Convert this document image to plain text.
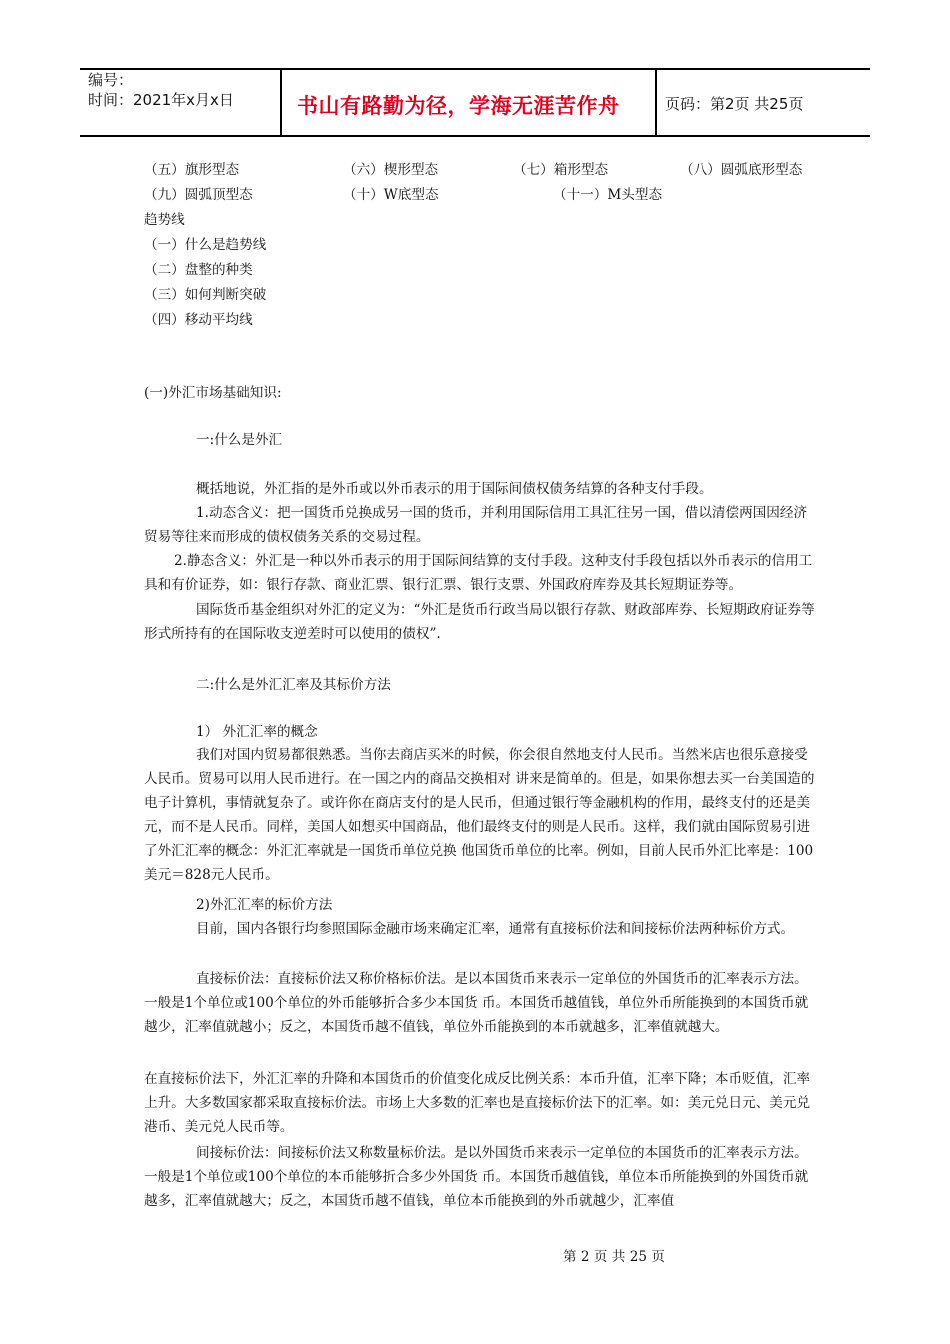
编号：
时间：2021年x月x日	书山有路勤为径，学海无涯苦作舟	页码：第2页 共25页
（五）旗形型态	（六）楔形型态	（七）箱形型态	（八）圆弧底形型态
（九）圆弧顶型态	（十）W底型态	（十一）M头型态
趋势线
（一）什么是趋势线
（二）盘整的种类
（三）如何判断突破
（四）移动平均线
(一)外汇市场基础知识:
一:什么是外汇
概括地说，外汇指的是外币或以外币表示的用于国际间债权债务结算的各种支付手段。
1.动态含义：把一国货币兑换成另一国的货币，并利用国际信用工具汇往另一国，借以清偿两国因经济贸易等往来而形成的债权债务关系的交易过程。
2.静态含义：外汇是一种以外币表示的用于国际间结算的支付手段。这种支付手段包括以外币表示的信用工具和有价证券，如：银行存款、商业汇票、银行汇票、银行支票、外国政府库券及其长短期证券等。
国际货币基金组织对外汇的定义为：“外汇是货币行政当局以银行存款、财政部库券、长短期政府证券等形式所持有的在国际收支逆差时可以使用的债权”.
二:什么是外汇汇率及其标价方法
1） 外汇汇率的概念
我们对国内贸易都很熟悉。当你去商店买米的时候，你会很自然地支付人民币。当然米店也很乐意接受人民币。贸易可以用人民币进行。在一国之内的商品交换相对 讲来是简单的。但是，如果你想去买一台美国造的电子计算机，事情就复杂了。或许你在商店支付的是人民币，但通过银行等金融机构的作用，最终支付的还是美 元，而不是人民币。同样，美国人如想买中国商品，他们最终支付的则是人民币。这样，我们就由国际贸易引进了外汇汇率的概念：外汇汇率就是一国货币单位兑换 他国货币单位的比率。例如，目前人民币外汇比率是：100美元＝828元人民币。
2)外汇汇率的标价方法
目前，国内各银行均参照国际金融市场来确定汇率，通常有直接标价法和间接标价法两种标价方式。
直接标价法：直接标价法又称价格标价法。是以本国货币来表示一定单位的外国货币的汇率表示方法。一般是1个单位或100个单位的外币能够折合多少本国货 币。本国货币越值钱，单位外币所能换到的本国货币就越少，汇率值就越小；反之，本国货币越不值钱，单位外币能换到的本币就越多，汇率值就越大。
在直接标价法下，外汇汇率的升降和本国货币的价值变化成反比例关系：本币升值，汇率下降；本币贬值，汇率上升。大多数国家都采取直接标价法。市场上大多数的汇率也是直接标价法下的汇率。如：美元兑日元、美元兑港币、美元兑人民币等。
间接标价法：间接标价法又称数量标价法。是以外国货币来表示一定单位的本国货币的汇率表示方法。一般是1个单位或100个单位的本币能够折合多少外国货 币。本国货币越值钱，单位本币所能换到的外国货币就越多，汇率值就越大；反之，本国货币越不值钱，单位本币能换到的外币就越少，汇率值
第 2 页 共 25 页
